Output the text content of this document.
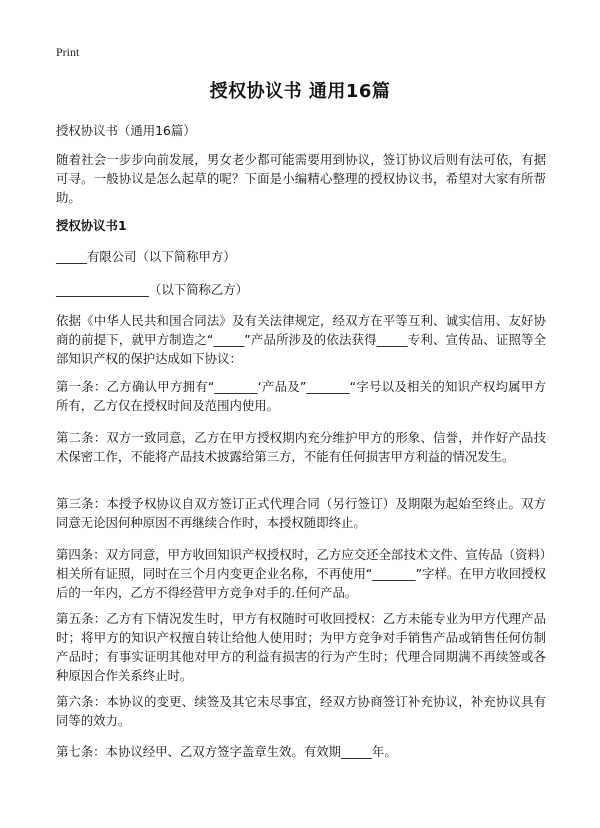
Print
授权协议书 通用16篇
授权协议书（通用16篇）
随着社会一步步向前发展，男女老少都可能需要用到协议，签订协议后则有法可依，有据可寻。一般协议是怎么起草的呢？下面是小编精心整理的授权协议书，希望对大家有所帮助。
授权协议书1
_____有限公司（以下简称甲方）
_______________（以下简称乙方）
依据《中华人民共和国合同法》及有关法律规定，经双方在平等互利、诚实信用、友好协商的前提下，就甲方制造之“_____”产品所涉及的依法获得_____专利、宣传品、证照等全部知识产权的保护达成如下协议：
第一条：乙方确认甲方拥有“_______‘产品及”_______“字号以及相关的知识产权均属甲方所有，乙方仅在授权时间及范围内使用。
第二条：双方一致同意，乙方在甲方授权期内充分维护甲方的形象、信誉，并作好产品技术保密工作，不能将产品技术披露给第三方，不能有任何损害甲方利益的情况发生。
第三条：本授予权协议自双方签订正式代理合同（另行签订）及期限为起始至终止。双方同意无论因何种原因不再继续合作时，本授权随即终止。
第四条：双方同意，甲方收回知识产权授权时，乙方应交还全部技术文件、宣传品（资料）相关所有证照，同时在三个月内变更企业名称，不再使用“_______”字样。在甲方收回授权后的一年内，乙方不得经营甲方竞争对手的.任何产品。
第五条：乙方有下情况发生时，甲方有权随时可收回授权：乙方未能专业为甲方代理产品时；将甲方的知识产权擅自转让给他人使用时；为甲方竞争对手销售产品或销售任何仿制产品时；有事实证明其他对甲方的利益有损害的行为产生时；代理合同期满不再续签或各种原因合作关系终止时。
第六条：本协议的变更、续签及其它未尽事宜，经双方协商签订补充协议，补充协议具有同等的效力。
第七条：本协议经甲、乙双方签字盖章生效。有效期_____年。
